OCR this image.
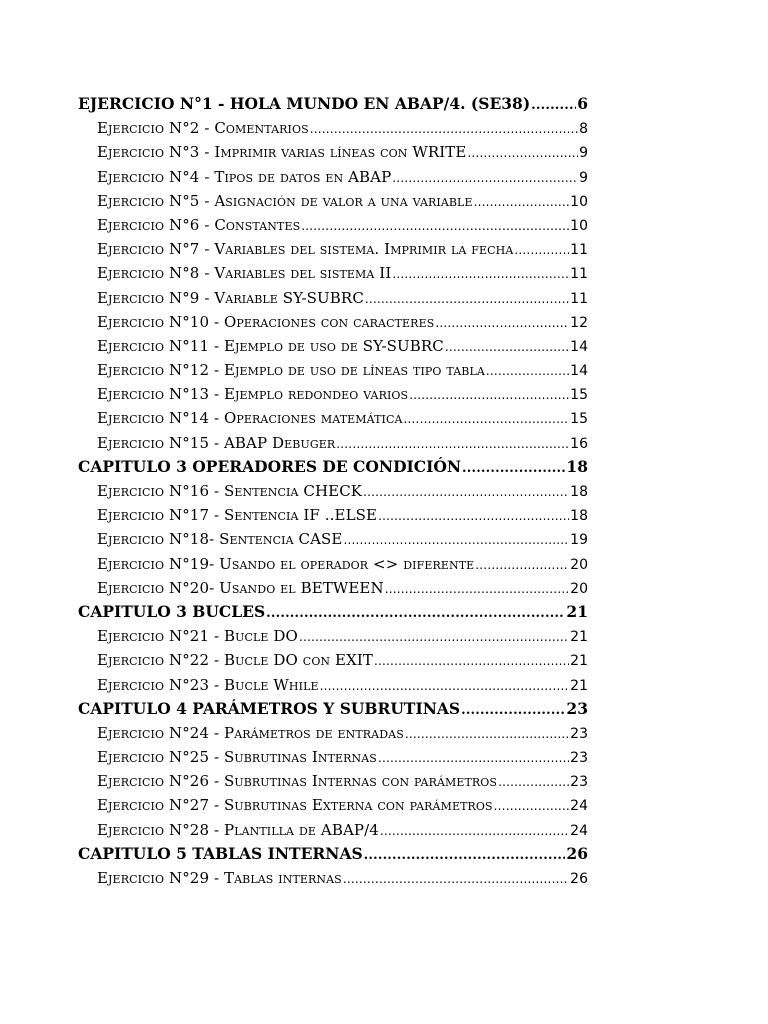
EJERCICIO N°1 - HOLA MUNDO EN ABAP/4. (SE38) .....	6
Ejercicio N°2 - Comentarios .....	8
Ejercicio N°3 - Imprimir varias líneas con WRITE .....	9
Ejercicio N°4 - Tipos de datos en ABAP .....	9
Ejercicio N°5 - Asignación de valor a una variable .....	10
Ejercicio N°6 - Constantes .....	10
Ejercicio N°7 - Variables del sistema. Imprimir la fecha .....	11
Ejercicio N°8 - Variables del sistema II .....	11
Ejercicio N°9 - Variable SY-SUBRC .....	11
Ejercicio N°10 - Operaciones con caracteres .....	12
Ejercicio N°11 - Ejemplo de uso de SY-SUBRC .....	14
Ejercicio N°12 - Ejemplo de uso de líneas tipo tabla .....	14
Ejercicio N°13 - Ejemplo redondeo varios .....	15
Ejercicio N°14 - Operaciones matemática .....	15
Ejercicio N°15 - ABAP Debuger .....	16
CAPITULO 3 OPERADORES DE CONDICIÓN .....	18
Ejercicio N°16 - Sentencia CHECK .....	18
Ejercicio N°17 - Sentencia IF ..ELSE .....	18
Ejercicio N°18- Sentencia CASE .....	19
Ejercicio N°19- Usando el operador <> diferente .....	20
Ejercicio N°20- Usando el BETWEEN .....	20
CAPITULO 3 BUCLES .....	21
Ejercicio N°21 - Bucle DO .....	21
Ejercicio N°22 - Bucle DO con EXIT .....	21
Ejercicio N°23 - Bucle While .....	21
CAPITULO 4 PARÁMETROS Y SUBRUTINAS .....	23
Ejercicio N°24 - Parámetros de entradas .....	23
Ejercicio N°25 - Subrutinas Internas .....	23
Ejercicio N°26 - Subrutinas Internas con parámetros .....	23
Ejercicio N°27 - Subrutinas Externa con parámetros .....	24
Ejercicio N°28 - Plantilla de ABAP/4 .....	24
CAPITULO 5 TABLAS INTERNAS .....	26
Ejercicio N°29 - Tablas internas .....	26
